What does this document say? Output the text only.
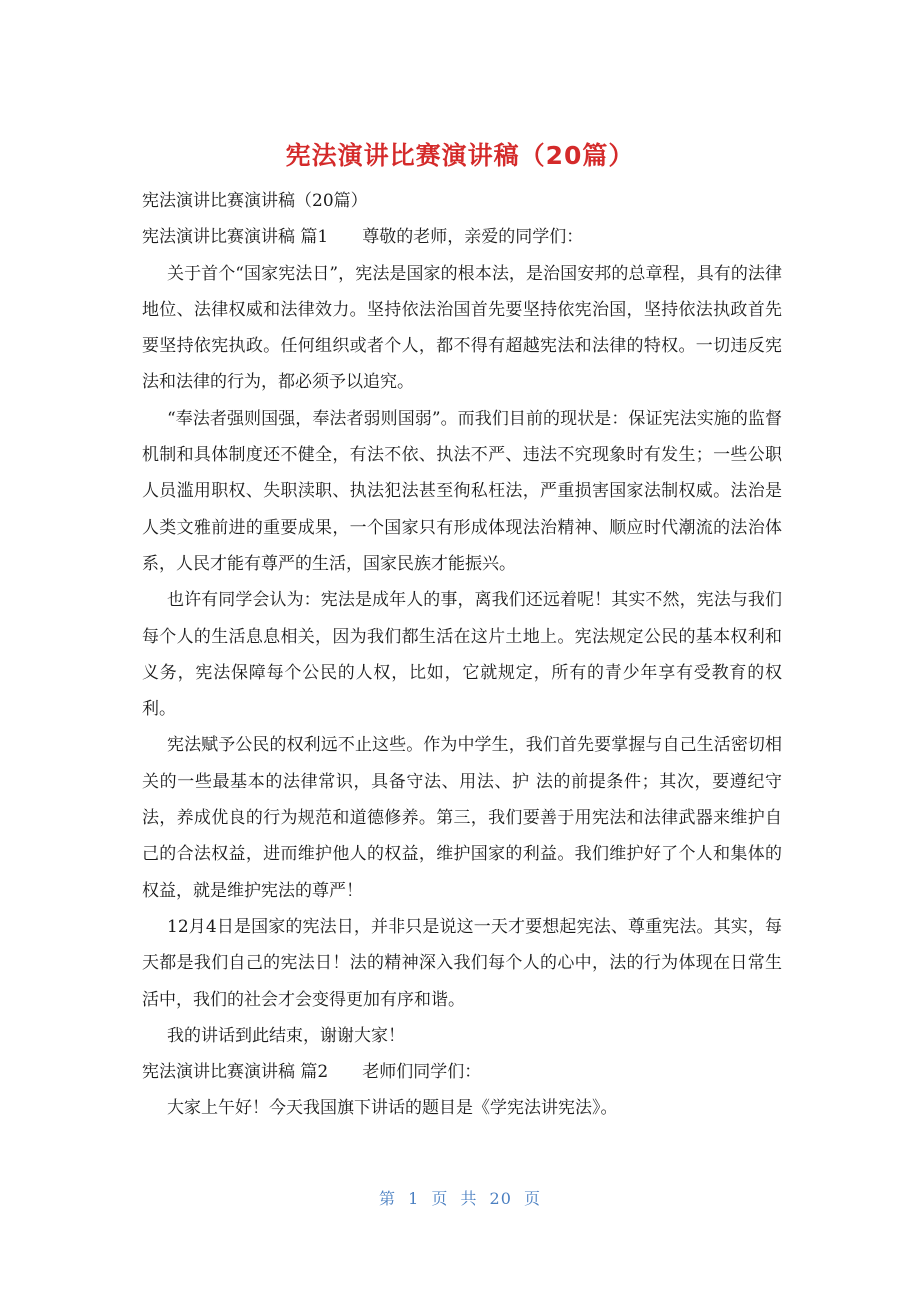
宪法演讲比赛演讲稿（20篇）

宪法演讲比赛演讲稿（20篇）

宪法演讲比赛演讲稿 篇1　　尊敬的老师，亲爱的同学们：

关于首个“国家宪法日”，宪法是国家的根本法，是治国安邦的总章程，具有的法律地位、法律权威和法律效力。坚持依法治国首先要坚持依宪治国，坚持依法执政首先要坚持依宪执政。任何组织或者个人，都不得有超越宪法和法律的特权。一切违反宪法和法律的行为，都必须予以追究。

“奉法者强则国强，奉法者弱则国弱”。而我们目前的现状是：保证宪法实施的监督机制和具体制度还不健全，有法不依、执法不严、违法不究现象时有发生；一些公职人员滥用职权、失职渎职、执法犯法甚至徇私枉法，严重损害国家法制权威。法治是人类文雅前进的重要成果，一个国家只有形成体现法治精神、顺应时代潮流的法治体系，人民才能有尊严的生活，国家民族才能振兴。

也许有同学会认为：宪法是成年人的事，离我们还远着呢！其实不然，宪法与我们每个人的生活息息相关，因为我们都生活在这片土地上。宪法规定公民的基本权利和义务，宪法保障每个公民的人权，比如，它就规定，所有的青少年享有受教育的权利。

宪法赋予公民的权利远不止这些。作为中学生，我们首先要掌握与自己生活密切相关的一些最基本的法律常识，具备守法、用法、护 法的前提条件；其次，要遵纪守法，养成优良的行为规范和道德修养。第三，我们要善于用宪法和法律武器来维护自己的合法权益，进而维护他人的权益，维护国家的利益。我们维护好了个人和集体的权益，就是维护宪法的尊严！

12月4日是国家的宪法日，并非只是说这一天才要想起宪法、尊重宪法。其实，每天都是我们自己的宪法日！法的精神深入我们每个人的心中，法的行为体现在日常生活中，我们的社会才会变得更加有序和谐。

我的讲话到此结束，谢谢大家！

宪法演讲比赛演讲稿 篇2　　老师们同学们：

大家上午好！今天我国旗下讲话的题目是《学宪法讲宪法》。

第 1 页 共 20 页
